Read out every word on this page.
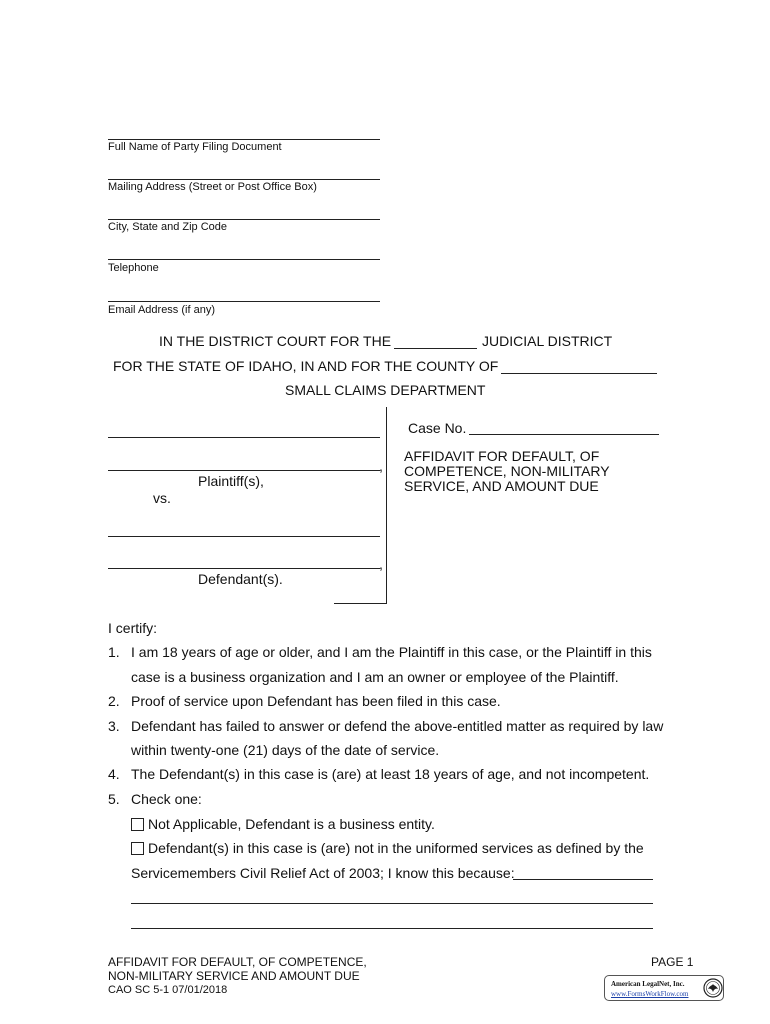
Full Name of Party Filing Document
Mailing Address (Street or Post Office Box)
City, State and Zip Code
Telephone
Email Address (if any)
IN THE DISTRICT COURT FOR THE	JUDICIAL DISTRICT
FOR THE STATE OF IDAHO, IN AND FOR THE COUNTY OF
SMALL CLAIMS DEPARTMENT
,
Plaintiff(s),
vs.
,
Defendant(s).
Case No.
AFFIDAVIT FOR DEFAULT, OF
COMPETENCE, NON-MILITARY
SERVICE, AND AMOUNT DUE
I certify:
1. I am 18 years of age or older, and I am the Plaintiff in this case, or the Plaintiff in this
case is a business organization and I am an owner or employee of the Plaintiff.
2. Proof of service upon Defendant has been filed in this case.
3. Defendant has failed to answer or defend the above-entitled matter as required by law
within twenty-one (21) days of the date of service.
4. The Defendant(s) in this case is (are) at least 18 years of age, and not incompetent.
5. Check one:
Not Applicable, Defendant is a business entity.
Defendant(s) in this case is (are) not in the uniformed services as defined by the
Servicemembers Civil Relief Act of 2003; I know this because:
AFFIDAVIT FOR DEFAULT, OF COMPETENCE,
NON-MILITARY SERVICE AND AMOUNT DUE
CAO SC 5-1 07/01/2018
PAGE 1
American LegalNet, Inc.
www.FormsWorkFlow.com
